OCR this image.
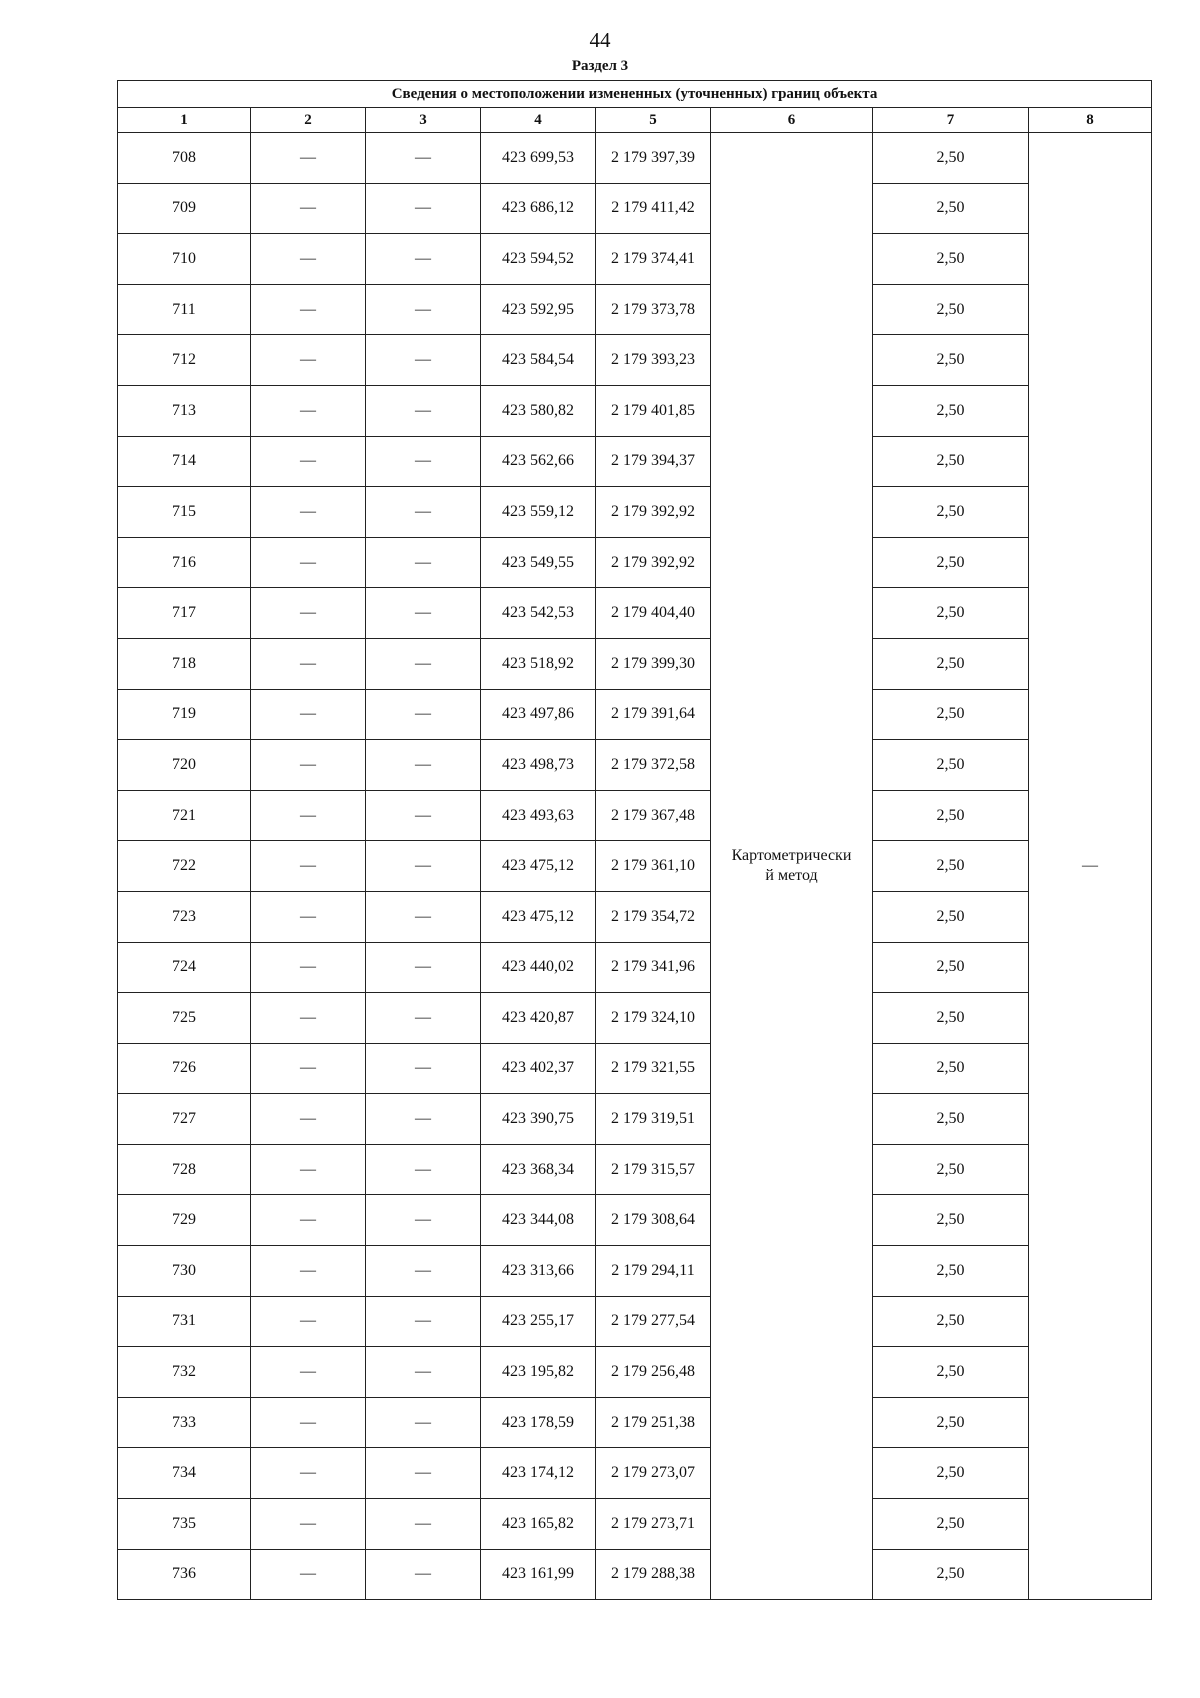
44
Раздел 3
Сведения о местоположении измененных (уточненных) границ объекта							
1	2	3	4	5	6	7	8
708	—	—	423 699,53	2 179 397,39	Картометрически
й метод	2,50	—
709	—	—	423 686,12	2 179 411,42		2,50	
710	—	—	423 594,52	2 179 374,41		2,50	
711	—	—	423 592,95	2 179 373,78		2,50	
712	—	—	423 584,54	2 179 393,23		2,50	
713	—	—	423 580,82	2 179 401,85		2,50	
714	—	—	423 562,66	2 179 394,37		2,50	
715	—	—	423 559,12	2 179 392,92		2,50	
716	—	—	423 549,55	2 179 392,92		2,50	
717	—	—	423 542,53	2 179 404,40		2,50	
718	—	—	423 518,92	2 179 399,30		2,50	
719	—	—	423 497,86	2 179 391,64		2,50	
720	—	—	423 498,73	2 179 372,58		2,50	
721	—	—	423 493,63	2 179 367,48		2,50	
722	—	—	423 475,12	2 179 361,10		2,50	
723	—	—	423 475,12	2 179 354,72		2,50	
724	—	—	423 440,02	2 179 341,96		2,50	
725	—	—	423 420,87	2 179 324,10		2,50	
726	—	—	423 402,37	2 179 321,55		2,50	
727	—	—	423 390,75	2 179 319,51		2,50	
728	—	—	423 368,34	2 179 315,57		2,50	
729	—	—	423 344,08	2 179 308,64		2,50	
730	—	—	423 313,66	2 179 294,11		2,50	
731	—	—	423 255,17	2 179 277,54		2,50	
732	—	—	423 195,82	2 179 256,48		2,50	
733	—	—	423 178,59	2 179 251,38		2,50	
734	—	—	423 174,12	2 179 273,07		2,50	
735	—	—	423 165,82	2 179 273,71		2,50	
736	—	—	423 161,99	2 179 288,38		2,50	
